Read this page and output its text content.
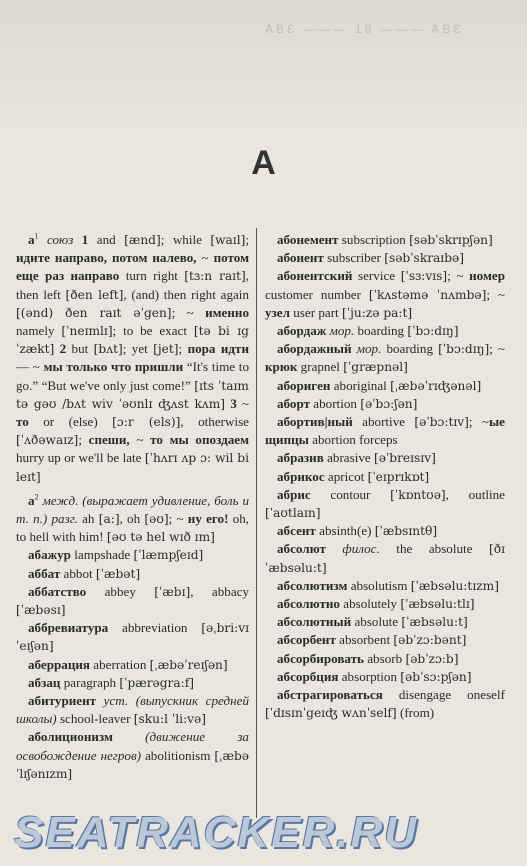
ABƐ ——— 18 ——— ABƐ
А

$а^1$ союз 1 and [ænd]; while [waɪl]; идите направо, потом налево, ~ потом еще раз направо turn right [tɜ:n raɪt], then left [ðen left], (and) then right again [(ənd) ðen raɪt əˈgen]; ~ именно namely [ˈneɪmlɪ]; to be exact [tə bi ɪgˈzækt] 2 but [bʌt]; yet [jet]; пора идти — ~ мы только что пришли “It's time to go.” “But we've only just come!” [ɪts ˈtaɪm tə gəʊ /bʌt wiv ˈəʊnlɪ ʤʌst kʌm] 3 ~ то or (else) [ɔ:r (els)], otherwise [ˈʌðəwaɪz]; спеши, ~ то мы опоздаем hurry up or we'll be late [ˈhʌrɪ ʌp ɔ: wil bi leɪt]

$а^2$ межд. (выражает удивление, боль и т. п.) разг. ah [a:], oh [əʊ]; ~ ну его! oh, to hell with him! [əʊ tə hel wɪð ɪm]

абажур lampshade [ˈlæmpʃeɪd]

аббат abbot [ˈæbət]

аббатство abbey [ˈæbɪ], abbacy [ˈæbəsɪ]

аббревиатура abbreviation [əˌbri:vɪˈeɪʃən]

аберрация aberration [ˌæbəˈreɪʃən]

абзац paragraph [ˈpærəgra:f]

абитуриент уст. (выпускник средней школы) school-leaver [sku:l ˈli:və]

аболиционизм (движение за освобождение негров) abolitionism [ˌæbəˈlɪʃənɪzm]

абонемент subscription [səbˈskrɪpʃən]

абонент subscriber [səbˈskraɪbə]

абонентский service [ˈsɜ:vɪs]; ~ номер customer number [ˈkʌstəmə ˈnʌmbə]; ~ узел user part [ˈju:zə pa:t]

абордаж мор. boarding [ˈbɔ:dɪŋ]

абордажный мор. boarding [ˈbɔ:dɪŋ]; ~ крюк grapnel [ˈgræpnəl]

абориген aboriginal [ˌæbəˈrɪʤənəl]

аборт abortion [əˈbɔ:ʃən]

абортив|ный abortive [əˈbɔ:tɪv]; ~ые щипцы abortion forceps

абразив abrasive [əˈbreɪsɪv]

абрикос apricot [ˈeɪprɪkɒt]

абрис contour [ˈkɒntʊə], outline [ˈaʊtlaɪn]

абсент absinth(e) [ˈæbsɪntθ]

абсолют филос. the absolute [ðɪ ˈæbsəlu:t]

абсолютизм absolutism [ˈæbsəlu:tɪzm]

абсолютно absolutely [ˈæbsəlu:tlɪ]

абсолютный absolute [ˈæbsəlu:t]

абсорбент absorbent [əbˈzɔ:bənt]

абсорбировать absorb [əbˈzɔ:b]

абсорбция absorption [əbˈsɔ:pʃən]

абстрагироваться disengage oneself [ˈdɪsɪnˈgeɪʤ wʌnˈself] (from)

SEATRACKER.RU
